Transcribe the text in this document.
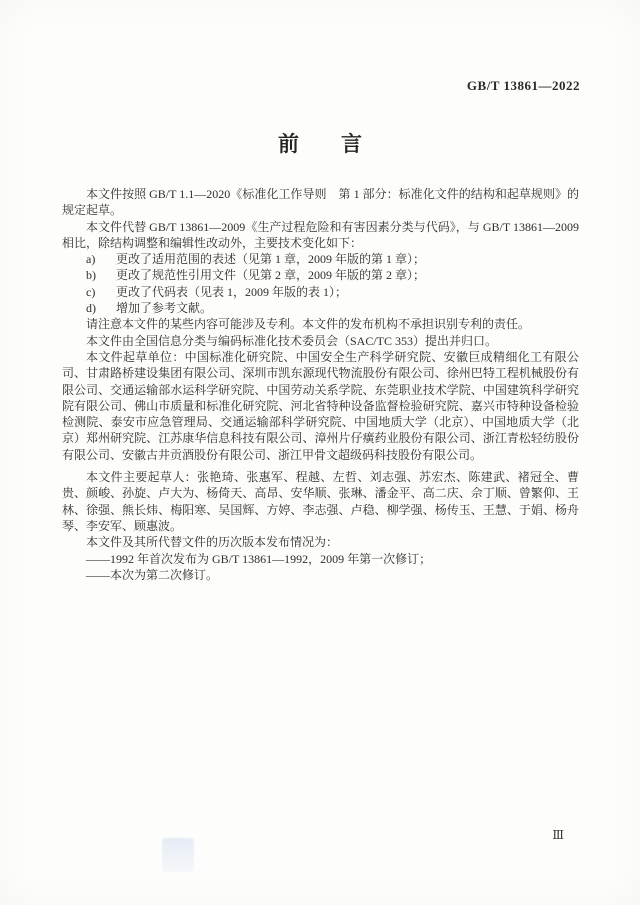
GB/T 13861—2022
前　　言

本文件按照 GB/T 1.1—2020《标准化工作导则　第 1 部分：标准化文件的结构和起草规则》的规定起草。

本文件代替 GB/T 13861—2009《生产过程危险和有害因素分类与代码》，与 GB/T 13861—2009 相比，除结构调整和编辑性改动外，主要技术变化如下：

a) 更改了适用范围的表述（见第 1 章，2009 年版的第 1 章）；

b) 更改了规范性引用文件（见第 2 章，2009 年版的第 2 章）；

c) 更改了代码表（见表 1，2009 年版的表 1）；

d) 增加了参考文献。

请注意本文件的某些内容可能涉及专利。本文件的发布机构不承担识别专利的责任。

本文件由全国信息分类与编码标准化技术委员会（SAC/TC 353）提出并归口。

本文件起草单位：中国标准化研究院、中国安全生产科学研究院、安徽巨成精细化工有限公司、甘肃路桥建设集团有限公司、深圳市凯东源现代物流股份有限公司、徐州巴特工程机械股份有限公司、交通运输部水运科学研究院、中国劳动关系学院、东莞职业技术学院、中国建筑科学研究院有限公司、佛山市质量和标准化研究院、河北省特种设备监督检验研究院、嘉兴市特种设备检验检测院、泰安市应急管理局、交通运输部科学研究院、中国地质大学（北京）、中国地质大学（北京）郑州研究院、江苏康华信息科技有限公司、漳州片仔癀药业股份有限公司、浙江青松轻纺股份有限公司、安徽古井贡酒股份有限公司、浙江甲骨文超级码科技股份有限公司。

本文件主要起草人：张艳琦、张惠军、程越、左哲、刘志强、苏宏杰、陈建武、褚冠全、曹贵、颜峻、孙旋、卢大为、杨倚天、高昂、安华顺、张琳、潘金平、高二庆、佘丁顺、曾繁仰、王林、徐强、熊长炜、梅阳寒、吴国辉、方婷、李志强、卢稳、柳学强、杨传玉、王慧、于娟、杨舟琴、李安军、顾惠波。

本文件及其所代替文件的历次版本发布情况为：

——1992 年首次发布为 GB/T 13861—1992，2009 年第一次修订；

——本次为第二次修订。

Ⅲ
